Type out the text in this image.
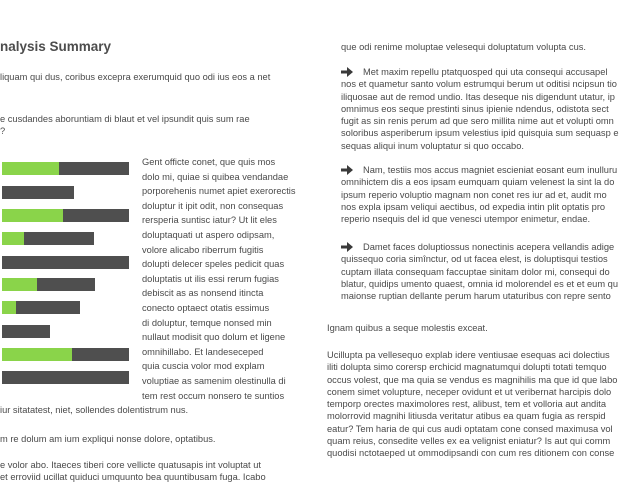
nalysis Summary
liquam qui dus, coribus excepra exerumquid quo odi ius eos a net
e cusdandes aboruntiam di blaut et vel ipsundit quis sum rae
?
Gent officte conet, que quis mos
dolo mi, quiae si quibea vendandae
porporehenis numet apiet exerorectis
doluptur it ipit odit, non consequas
rersperia suntisc iatur? Ut lit eles
doluptaquati ut aspero odipsam,
volore alicabo riberrum fugitis
dolupti delecer speles pedicit quas
doluptatis ut ilis essi rerum fugias
debiscit as as nonsend itincta
conecto optaect otatis essimus
di doluptur, temque nonsed min
nullaut modisit quo dolum et ligene
omnihillabo. Et landeseceped
quia cuscia volor mod explam
voluptiae as samenim olestinulla di
tem rest occum nonsero te suntios
iur sitatatest, niet, sollendes dolentistrum nus.
m re dolum am ium expliqui nonse dolore, optatibus.
e volor abo. Itaeces tiberi core vellicte quatusapis int voluptat ut
et erroviid ucillat quiduci umquunto bea quuntibusam fuga. Icabo
que odi renime moluptae velesequi doluptatum volupta cus.
Met maxim repellu ptatquosped qui uta consequi accusapel
nos et quametur santo volum estrumqui berum ut oditisi ncipsun tio
iliquosae aut de remod undio. Itas deseque nis digendunt utatur, ip
omnimus eos seque prestinti sinus ipienie ndendus, odistota sect
fugit as sin renis perum ad que sero millita nime aut et volupti omn
soloribus asperiberum ipsum velestius ipid quisquia sum sequasp e
sequas aliqui inum voluptatur si quo occabo.
Nam, testiis mos accus magniet escieniat eosant eum inulluru
omnihictem dis a eos ipsam eumquam quiam velenest la sint la do
ipsum reperio voluptio magnam non conet res iur ad et, audit mo
nos expla ipsam veliqui aectibus, od expedia intin plit optatis pro
reperio nsequis del id que venesci utempor enimetur, endae.
Damet faces doluptiossus nonectinis acepera vellandis adige
quissequo coria simînctur, od ut facea elest, is doluptisqui testios
cuptam illata consequam faccuptae sinitam dolor mi, consequi do
blatur, quidips umento quaest, omnia id molorendel es et et eum qu
maionse ruptian dellante perum harum utaturibus con repre sento
Ignam quibus a seque molestis exceat.
Ucillupta pa vellesequo explab idere ventiusae esequas aci dolectius
iliti dolupta simo corersp erchicid magnatumqui dolupti totati temquo
occus volest, que ma quia se vendus es magnihilis ma que id que labo
conem simet volupture, neceper ovidunt et ut veribernat harcipis dolo
temporp orectes maximolores rest, alibust, tem et volloria aut andita
molorrovid magnihi litiusda veritatur atibus ea quam fugia as rerspid
eatur? Tem haria de qui cus audi optatam cone consed maximusa vol
quam reius, consedite velles ex ea velignist eniatur? Is aut qui comm
quodisi nctotaeped ut ommodipsandi con cum res ditionem con conse
